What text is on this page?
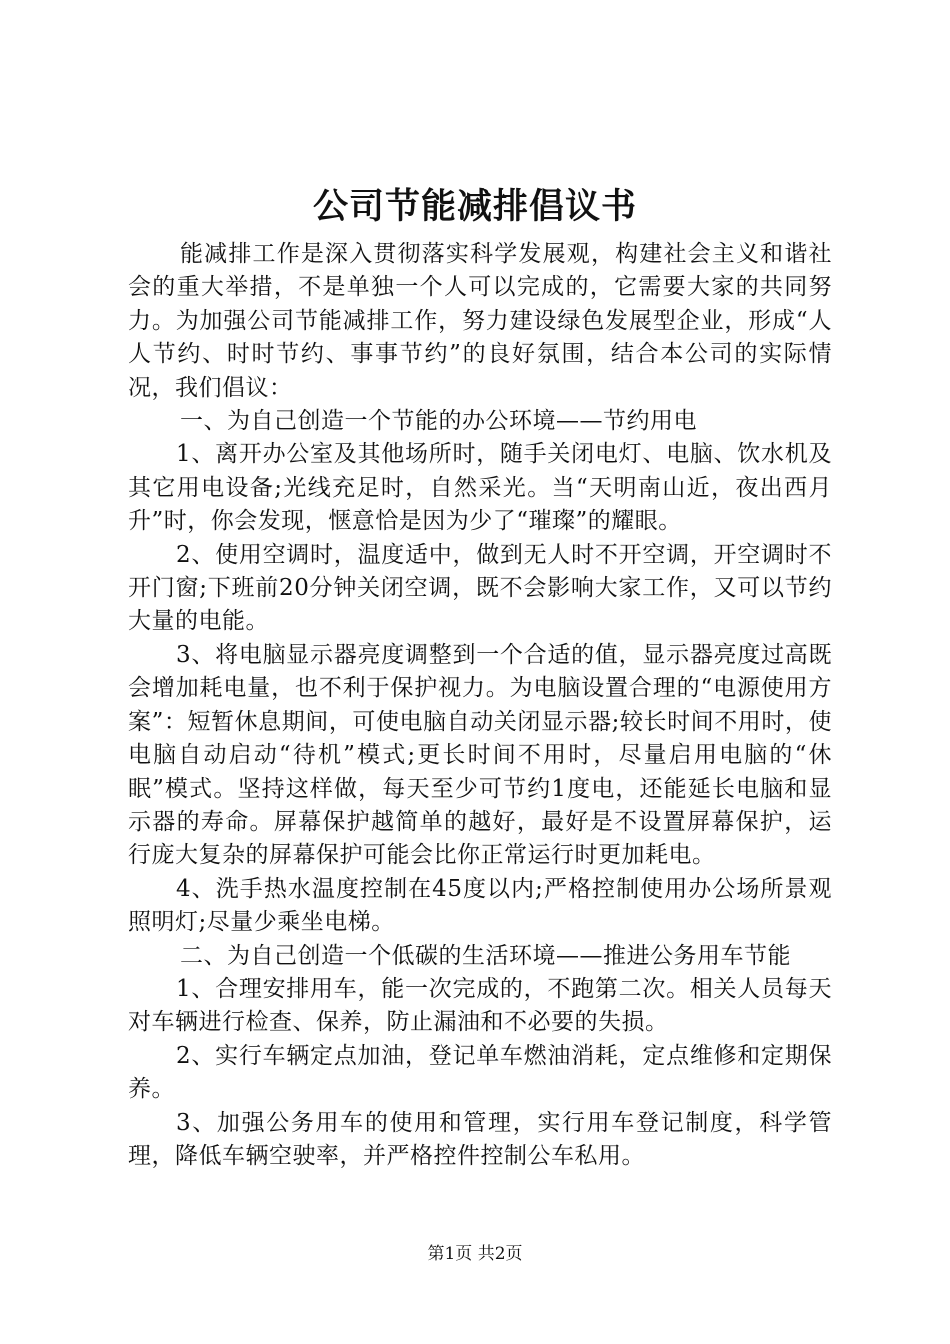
公司节能减排倡议书

能减排工作是深入贯彻落实科学发展观，构建社会主义和谐社会的重大举措，不是单独一个人可以完成的，它需要大家的共同努力。为加强公司节能减排工作，努力建设绿色发展型企业，形成“人人节约、时时节约、事事节约”的良好氛围，结合本公司的实际情况，我们倡议：

一、为自己创造一个节能的办公环境——节约用电

1、离开办公室及其他场所时，随手关闭电灯、电脑、饮水机及其它用电设备;光线充足时，自然采光。当“天明南山近，夜出西月升”时，你会发现，惬意恰是因为少了“璀璨”的耀眼。

2、使用空调时，温度适中，做到无人时不开空调，开空调时不开门窗;下班前20分钟关闭空调，既不会影响大家工作，又可以节约大量的电能。

3、将电脑显示器亮度调整到一个合适的值，显示器亮度过高既会增加耗电量，也不利于保护视力。为电脑设置合理的“电源使用方案”：短暂休息期间，可使电脑自动关闭显示器;较长时间不用时，使电脑自动启动“待机”模式;更长时间不用时，尽量启用电脑的“休眠”模式。坚持这样做，每天至少可节约1度电，还能延长电脑和显示器的寿命。屏幕保护越简单的越好，最好是不设置屏幕保护，运行庞大复杂的屏幕保护可能会比你正常运行时更加耗电。

4、洗手热水温度控制在45度以内;严格控制使用办公场所景观照明灯;尽量少乘坐电梯。

二、为自己创造一个低碳的生活环境——推进公务用车节能

1、合理安排用车，能一次完成的，不跑第二次。相关人员每天对车辆进行检查、保养，防止漏油和不必要的失损。

2、实行车辆定点加油，登记单车燃油消耗，定点维修和定期保养。

3、加强公务用车的使用和管理，实行用车登记制度，科学管理，降低车辆空驶率，并严格控件控制公车私用。

第1页 共2页
